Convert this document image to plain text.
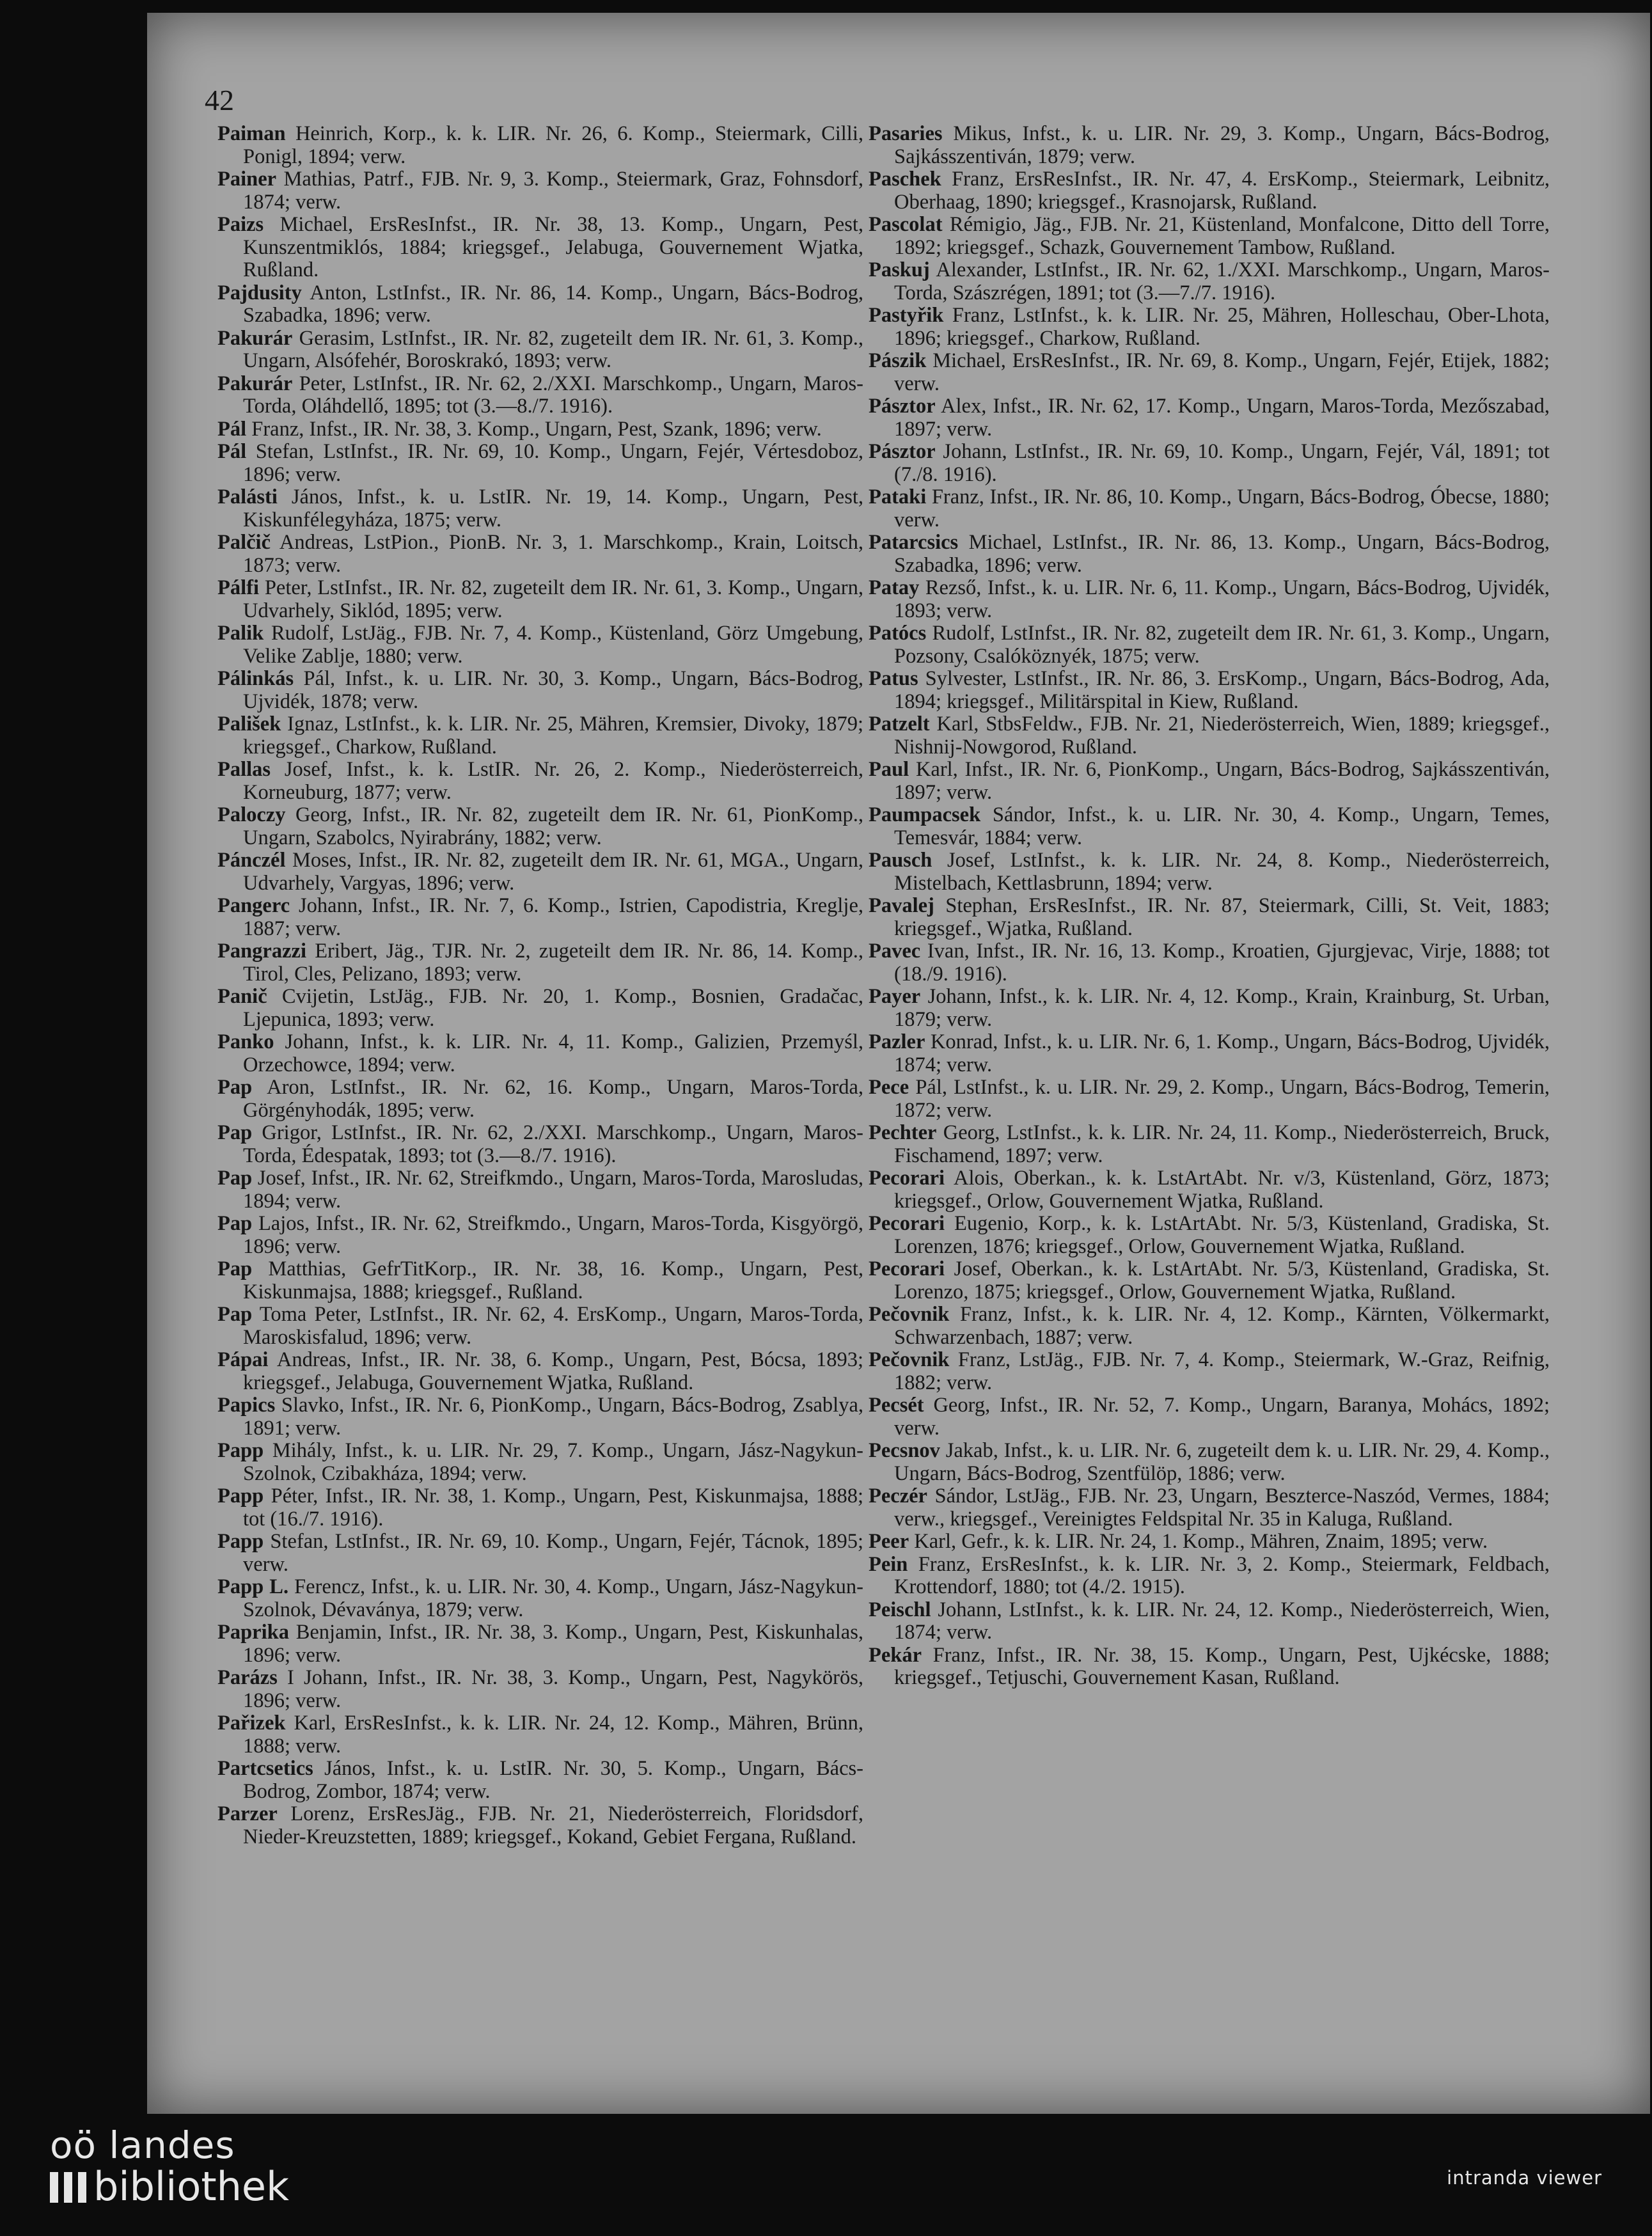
42

Paiman Heinrich, Korp., k. k. LIR. Nr. 26, 6. Komp., Steiermark, Cilli, Ponigl, 1894; verw.

Painer Mathias, Patrf., FJB. Nr. 9, 3. Komp., Steiermark, Graz, Fohnsdorf, 1874; verw.

Paizs Michael, ErsResInfst., IR. Nr. 38, 13. Komp., Ungarn, Pest, Kunszentmiklós, 1884; kriegsgef., Jelabuga, Gouvernement Wjatka, Rußland.

Pajdusity Anton, LstInfst., IR. Nr. 86, 14. Komp., Ungarn, Bács-Bodrog, Szabadka, 1896; verw.

Pakurár Gerasim, LstInfst., IR. Nr. 82, zugeteilt dem IR. Nr. 61, 3. Komp., Ungarn, Alsófehér, Boroskrakó, 1893; verw.

Pakurár Peter, LstInfst., IR. Nr. 62, 2./XXI. Marschkomp., Ungarn, Maros-Torda, Oláhdellő, 1895; tot (3.—8./7. 1916).

Pál Franz, Infst., IR. Nr. 38, 3. Komp., Ungarn, Pest, Szank, 1896; verw.

Pál Stefan, LstInfst., IR. Nr. 69, 10. Komp., Ungarn, Fejér, Vértesdoboz, 1896; verw.

Palásti János, Infst., k. u. LstIR. Nr. 19, 14. Komp., Ungarn, Pest, Kiskunfélegyháza, 1875; verw.

Palčič Andreas, LstPion., PionB. Nr. 3, 1. Marschkomp., Krain, Loitsch, 1873; verw.

Pálfi Peter, LstInfst., IR. Nr. 82, zugeteilt dem IR. Nr. 61, 3. Komp., Ungarn, Udvarhely, Siklód, 1895; verw.

Palik Rudolf, LstJäg., FJB. Nr. 7, 4. Komp., Küstenland, Görz Umgebung, Velike Zablje, 1880; verw.

Pálinkás Pál, Infst., k. u. LIR. Nr. 30, 3. Komp., Ungarn, Bács-Bodrog, Ujvidék, 1878; verw.

Pališek Ignaz, LstInfst., k. k. LIR. Nr. 25, Mähren, Kremsier, Divoky, 1879; kriegsgef., Charkow, Rußland.

Pallas Josef, Infst., k. k. LstIR. Nr. 26, 2. Komp., Niederösterreich, Korneuburg, 1877; verw.

Paloczy Georg, Infst., IR. Nr. 82, zugeteilt dem IR. Nr. 61, PionKomp., Ungarn, Szabolcs, Nyirabrány, 1882; verw.

Pánczél Moses, Infst., IR. Nr. 82, zugeteilt dem IR. Nr. 61, MGA., Ungarn, Udvarhely, Vargyas, 1896; verw.

Pangerc Johann, Infst., IR. Nr. 7, 6. Komp., Istrien, Capodistria, Kreglje, 1887; verw.

Pangrazzi Eribert, Jäg., TJR. Nr. 2, zugeteilt dem IR. Nr. 86, 14. Komp., Tirol, Cles, Pelizano, 1893; verw.

Panič Cvijetin, LstJäg., FJB. Nr. 20, 1. Komp., Bosnien, Gradačac, Ljepunica, 1893; verw.

Panko Johann, Infst., k. k. LIR. Nr. 4, 11. Komp., Galizien, Przemyśl, Orzechowce, 1894; verw.

Pap Aron, LstInfst., IR. Nr. 62, 16. Komp., Ungarn, Maros-Torda, Görgényhodák, 1895; verw.

Pap Grigor, LstInfst., IR. Nr. 62, 2./XXI. Marschkomp., Ungarn, Maros-Torda, Édespatak, 1893; tot (3.—8./7. 1916).

Pap Josef, Infst., IR. Nr. 62, Streifkmdo., Ungarn, Maros-Torda, Marosludas, 1894; verw.

Pap Lajos, Infst., IR. Nr. 62, Streifkmdo., Ungarn, Maros-Torda, Kisgyörgö, 1896; verw.

Pap Matthias, GefrTitKorp., IR. Nr. 38, 16. Komp., Ungarn, Pest, Kiskunmajsa, 1888; kriegsgef., Rußland.

Pap Toma Peter, LstInfst., IR. Nr. 62, 4. ErsKomp., Ungarn, Maros-Torda, Maroskisfalud, 1896; verw.

Pápai Andreas, Infst., IR. Nr. 38, 6. Komp., Ungarn, Pest, Bócsa, 1893; kriegsgef., Jelabuga, Gouvernement Wjatka, Rußland.

Papics Slavko, Infst., IR. Nr. 6, PionKomp., Ungarn, Bács-Bodrog, Zsablya, 1891; verw.

Papp Mihály, Infst., k. u. LIR. Nr. 29, 7. Komp., Ungarn, Jász-Nagykun-Szolnok, Czibakháza, 1894; verw.

Papp Péter, Infst., IR. Nr. 38, 1. Komp., Ungarn, Pest, Kiskunmajsa, 1888; tot (16./7. 1916).

Papp Stefan, LstInfst., IR. Nr. 69, 10. Komp., Ungarn, Fejér, Tácnok, 1895; verw.

Papp L. Ferencz, Infst., k. u. LIR. Nr. 30, 4. Komp., Ungarn, Jász-Nagykun-Szolnok, Dévaványa, 1879; verw.

Paprika Benjamin, Infst., IR. Nr. 38, 3. Komp., Ungarn, Pest, Kiskunhalas, 1896; verw.

Parázs I Johann, Infst., IR. Nr. 38, 3. Komp., Ungarn, Pest, Nagykörös, 1896; verw.

Pařizek Karl, ErsResInfst., k. k. LIR. Nr. 24, 12. Komp., Mähren, Brünn, 1888; verw.

Partcsetics János, Infst., k. u. LstIR. Nr. 30, 5. Komp., Ungarn, Bács-Bodrog, Zombor, 1874; verw.

Parzer Lorenz, ErsResJäg., FJB. Nr. 21, Niederösterreich, Floridsdorf, Nieder-Kreuzstetten, 1889; kriegsgef., Kokand, Gebiet Fergana, Rußland.

Pasaries Mikus, Infst., k. u. LIR. Nr. 29, 3. Komp., Ungarn, Bács-Bodrog, Sajkásszentiván, 1879; verw.

Paschek Franz, ErsResInfst., IR. Nr. 47, 4. ErsKomp., Steiermark, Leibnitz, Oberhaag, 1890; kriegsgef., Krasnojarsk, Rußland.

Pascolat Rémigio, Jäg., FJB. Nr. 21, Küstenland, Monfalcone, Ditto dell Torre, 1892; kriegsgef., Schazk, Gouvernement Tambow, Rußland.

Paskuj Alexander, LstInfst., IR. Nr. 62, 1./XXI. Marschkomp., Ungarn, Maros-Torda, Szászrégen, 1891; tot (3.—7./7. 1916).

Pastyřik Franz, LstInfst., k. k. LIR. Nr. 25, Mähren, Holleschau, Ober-Lhota, 1896; kriegsgef., Charkow, Rußland.

Pászik Michael, ErsResInfst., IR. Nr. 69, 8. Komp., Ungarn, Fejér, Etijek, 1882; verw.

Pásztor Alex, Infst., IR. Nr. 62, 17. Komp., Ungarn, Maros-Torda, Mezőszabad, 1897; verw.

Pásztor Johann, LstInfst., IR. Nr. 69, 10. Komp., Ungarn, Fejér, Vál, 1891; tot (7./8. 1916).

Pataki Franz, Infst., IR. Nr. 86, 10. Komp., Ungarn, Bács-Bodrog, Óbecse, 1880; verw.

Patarcsics Michael, LstInfst., IR. Nr. 86, 13. Komp., Ungarn, Bács-Bodrog, Szabadka, 1896; verw.

Patay Rezső, Infst., k. u. LIR. Nr. 6, 11. Komp., Ungarn, Bács-Bodrog, Ujvidék, 1893; verw.

Patócs Rudolf, LstInfst., IR. Nr. 82, zugeteilt dem IR. Nr. 61, 3. Komp., Ungarn, Pozsony, Csalóköznyék, 1875; verw.

Patus Sylvester, LstInfst., IR. Nr. 86, 3. ErsKomp., Ungarn, Bács-Bodrog, Ada, 1894; kriegsgef., Militärspital in Kiew, Rußland.

Patzelt Karl, StbsFeldw., FJB. Nr. 21, Niederösterreich, Wien, 1889; kriegsgef., Nishnij-Nowgorod, Rußland.

Paul Karl, Infst., IR. Nr. 6, PionKomp., Ungarn, Bács-Bodrog, Sajkásszentiván, 1897; verw.

Paumpacsek Sándor, Infst., k. u. LIR. Nr. 30, 4. Komp., Ungarn, Temes, Temesvár, 1884; verw.

Pausch Josef, LstInfst., k. k. LIR. Nr. 24, 8. Komp., Niederösterreich, Mistelbach, Kettlasbrunn, 1894; verw.

Pavalej Stephan, ErsResInfst., IR. Nr. 87, Steiermark, Cilli, St. Veit, 1883; kriegsgef., Wjatka, Rußland.

Pavec Ivan, Infst., IR. Nr. 16, 13. Komp., Kroatien, Gjurgjevac, Virje, 1888; tot (18./9. 1916).

Payer Johann, Infst., k. k. LIR. Nr. 4, 12. Komp., Krain, Krainburg, St. Urban, 1879; verw.

Pazler Konrad, Infst., k. u. LIR. Nr. 6, 1. Komp., Ungarn, Bács-Bodrog, Ujvidék, 1874; verw.

Pece Pál, LstInfst., k. u. LIR. Nr. 29, 2. Komp., Ungarn, Bács-Bodrog, Temerin, 1872; verw.

Pechter Georg, LstInfst., k. k. LIR. Nr. 24, 11. Komp., Niederösterreich, Bruck, Fischamend, 1897; verw.

Pecorari Alois, Oberkan., k. k. LstArtAbt. Nr. v/3, Küstenland, Görz, 1873; kriegsgef., Orlow, Gouvernement Wjatka, Rußland.

Pecorari Eugenio, Korp., k. k. LstArtAbt. Nr. 5/3, Küstenland, Gradiska, St. Lorenzen, 1876; kriegsgef., Orlow, Gouvernement Wjatka, Rußland.

Pecorari Josef, Oberkan., k. k. LstArtAbt. Nr. 5/3, Küstenland, Gradiska, St. Lorenzo, 1875; kriegsgef., Orlow, Gouvernement Wjatka, Rußland.

Pečovnik Franz, Infst., k. k. LIR. Nr. 4, 12. Komp., Kärnten, Völkermarkt, Schwarzenbach, 1887; verw.

Pečovnik Franz, LstJäg., FJB. Nr. 7, 4. Komp., Steiermark, W.-Graz, Reifnig, 1882; verw.

Pecsét Georg, Infst., IR. Nr. 52, 7. Komp., Ungarn, Baranya, Mohács, 1892; verw.

Pecsnov Jakab, Infst., k. u. LIR. Nr. 6, zugeteilt dem k. u. LIR. Nr. 29, 4. Komp., Ungarn, Bács-Bodrog, Szentfülöp, 1886; verw.

Peczér Sándor, LstJäg., FJB. Nr. 23, Ungarn, Beszterce-Naszód, Vermes, 1884; verw., kriegsgef., Vereinigtes Feldspital Nr. 35 in Kaluga, Rußland.

Peer Karl, Gefr., k. k. LIR. Nr. 24, 1. Komp., Mähren, Znaim, 1895; verw.

Pein Franz, ErsResInfst., k. k. LIR. Nr. 3, 2. Komp., Steiermark, Feldbach, Krottendorf, 1880; tot (4./2. 1915).

Peischl Johann, LstInfst., k. k. LIR. Nr. 24, 12. Komp., Niederösterreich, Wien, 1874; verw.

Pekár Franz, Infst., IR. Nr. 38, 15. Komp., Ungarn, Pest, Ujkécske, 1888; kriegsgef., Tetjuschi, Gouvernement Kasan, Rußland.

oö landes
bibliothek	intranda viewer
